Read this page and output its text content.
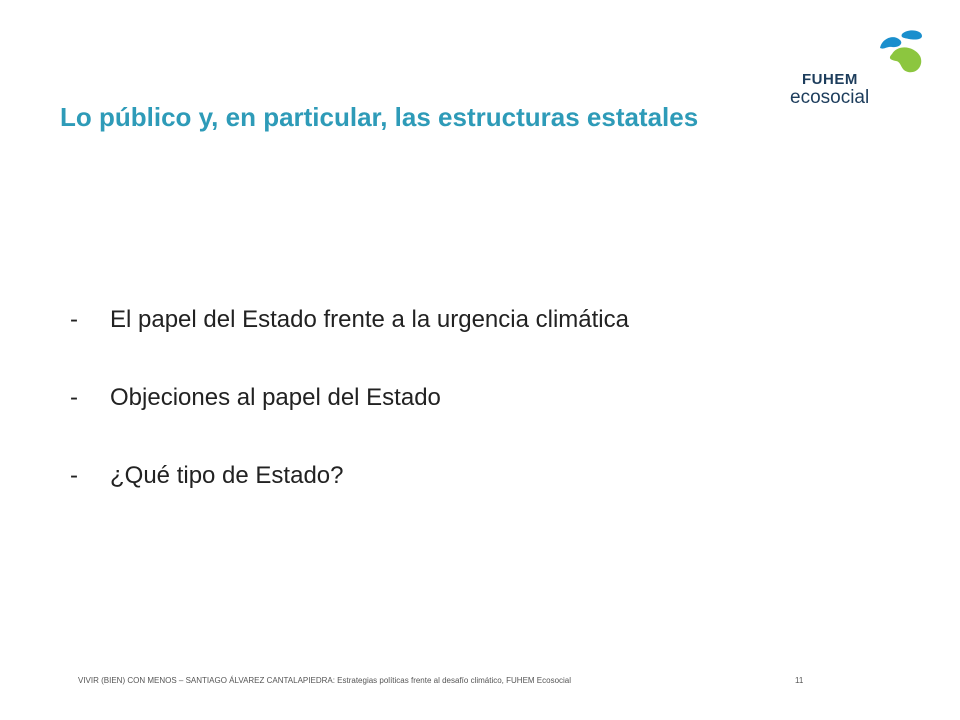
FUHEM
ecosocial
Lo público y, en particular, las estructuras estatales
-	El papel del Estado frente a la urgencia climática
-	Objeciones al papel del Estado
-	¿Qué tipo de Estado?
VIVIR (BIEN) CON MENOS – SANTIAGO ÁLVAREZ CANTALAPIEDRA: Estrategias políticas frente al desafío climático, FUHEM Ecosocial	11
